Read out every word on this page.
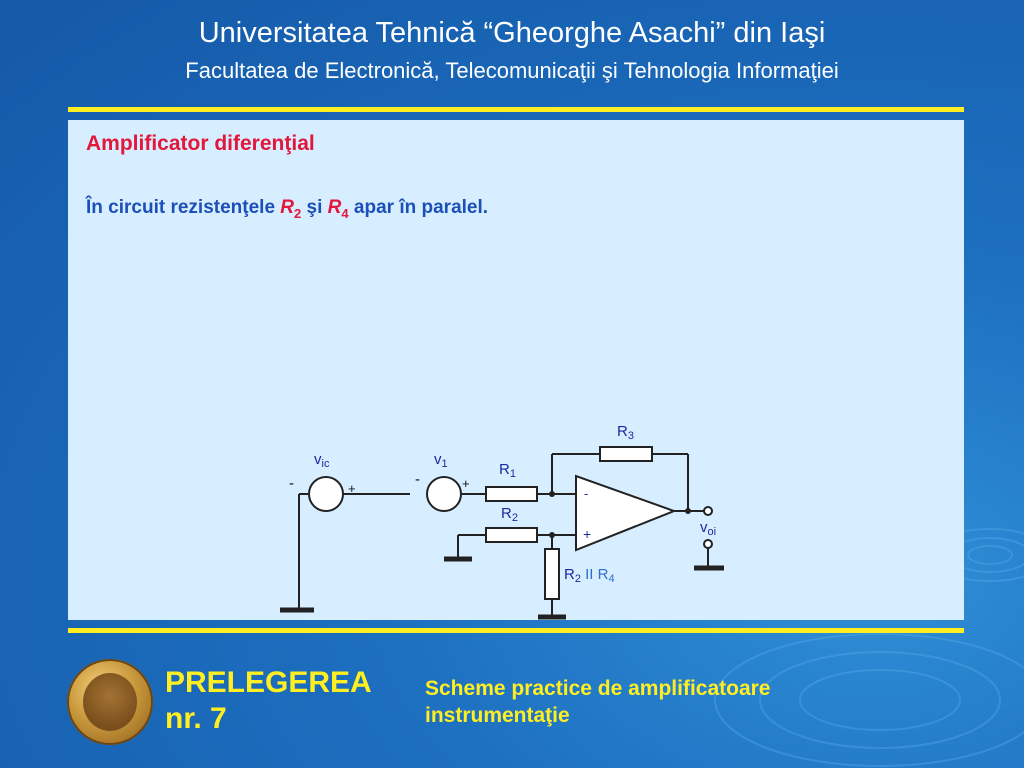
Universitatea Tehnică “Gheorghe Asachi” din Iaşi
Facultatea de Electronică, Telecomunicaţii şi Tehnologia Informaţiei
Amplificator diferenţial
În circuit rezistenţele $R_2$ şi $R_4$ apar în paralel.
$v_{ic}$
-	+
$v_1$
-	+
$R_1$
$R_2$
$R_3$
$R_2$ II $R_4$
-
+	$v_{oi}$
PRELEGEREA
nr. 7
Scheme practice de amplificatoare instrumentaţie
